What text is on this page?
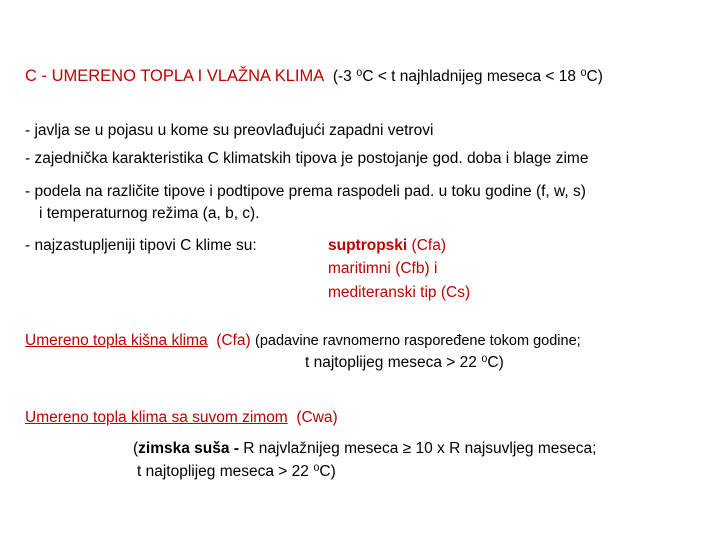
C - UMERENO TOPLA I VLAŽNA KLIMA (-3 ⁰C < t najhladnijeg meseca < 18 ⁰C)
- javlja se u pojasu u kome su preovlađujući zapadni vetrovi
- zajednička karakteristika C klimatskih tipova je postojanje god. doba i blage zime
- podela na različite tipove i podtipove prema raspodeli pad. u toku godine (f, w, s)
i temperaturnog režima (a, b, c).
- najzastupljeniji tipovi C klime su:	suptropski (Cfa)
maritimni (Cfb) i
mediteranski tip (Cs)
Umereno topla kišna klima (Cfa) (padavine ravnomerno raspoređene tokom godine;
t najtoplijeg meseca > 22 ⁰C)
Umereno topla klima sa suvom zimom (Cwa)
(zimska suša - R najvlažnijeg meseca ≥ 10 x R najsuvljeg meseca;
t najtoplijeg meseca > 22 ⁰C)
